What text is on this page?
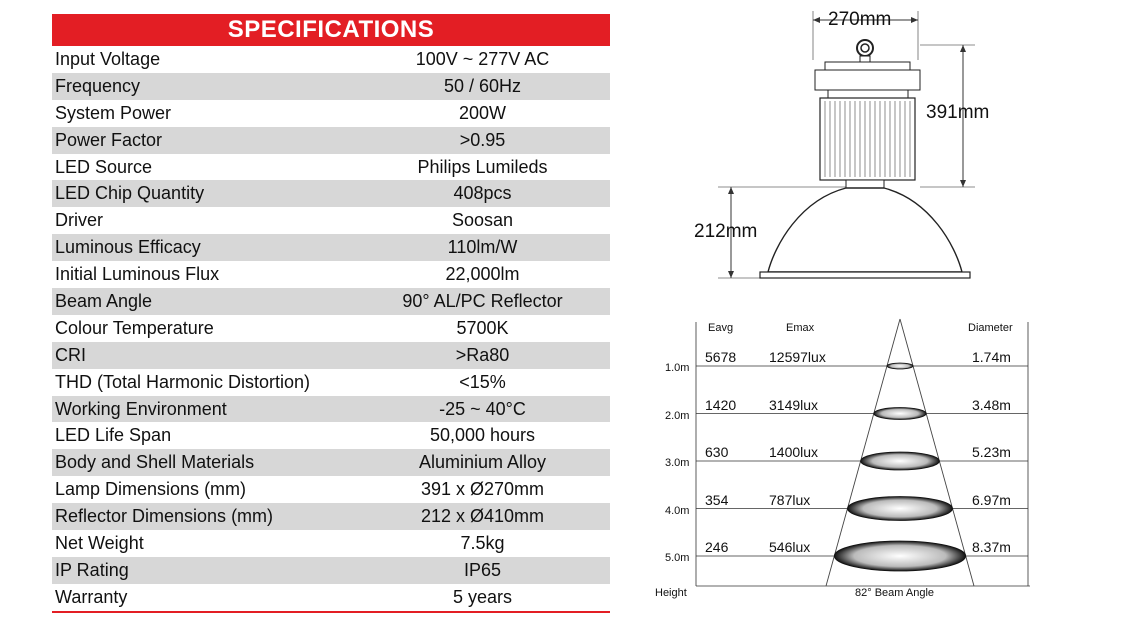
SPECIFICATIONS
Input Voltage	100V ~ 277V AC
Frequency	50 / 60Hz
System Power	200W
Power Factor	>0.95
LED Source	Philips Lumileds
LED Chip Quantity	408pcs
Driver	Soosan
Luminous Efficacy	110lm/W
Initial Luminous Flux	22,000lm
Beam Angle	90° AL/PC Reflector
Colour Temperature	5700K
CRI	>Ra80
THD (Total Harmonic Distortion)	<15%
Working Environment	-25 ~ 40°C
LED Life Span	50,000 hours
Body and Shell Materials	Aluminium Alloy
Lamp Dimensions (mm)	391 x Ø270mm
Reflector Dimensions (mm)	212 x Ø410mm
Net Weight	7.5kg
IP Rating	IP65
Warranty	5 years
270mm
391mm
212mm
Eavg	Emax	Diameter
1.0m
5678 12597lux	1.74m
2.0m
1420 3149lux	3.48m
3.0m
630	1400lux	5.23m
4.0m
354	787lux	6.97m
5.0m
246	546lux	8.37m
Height	82° Beam Angle
